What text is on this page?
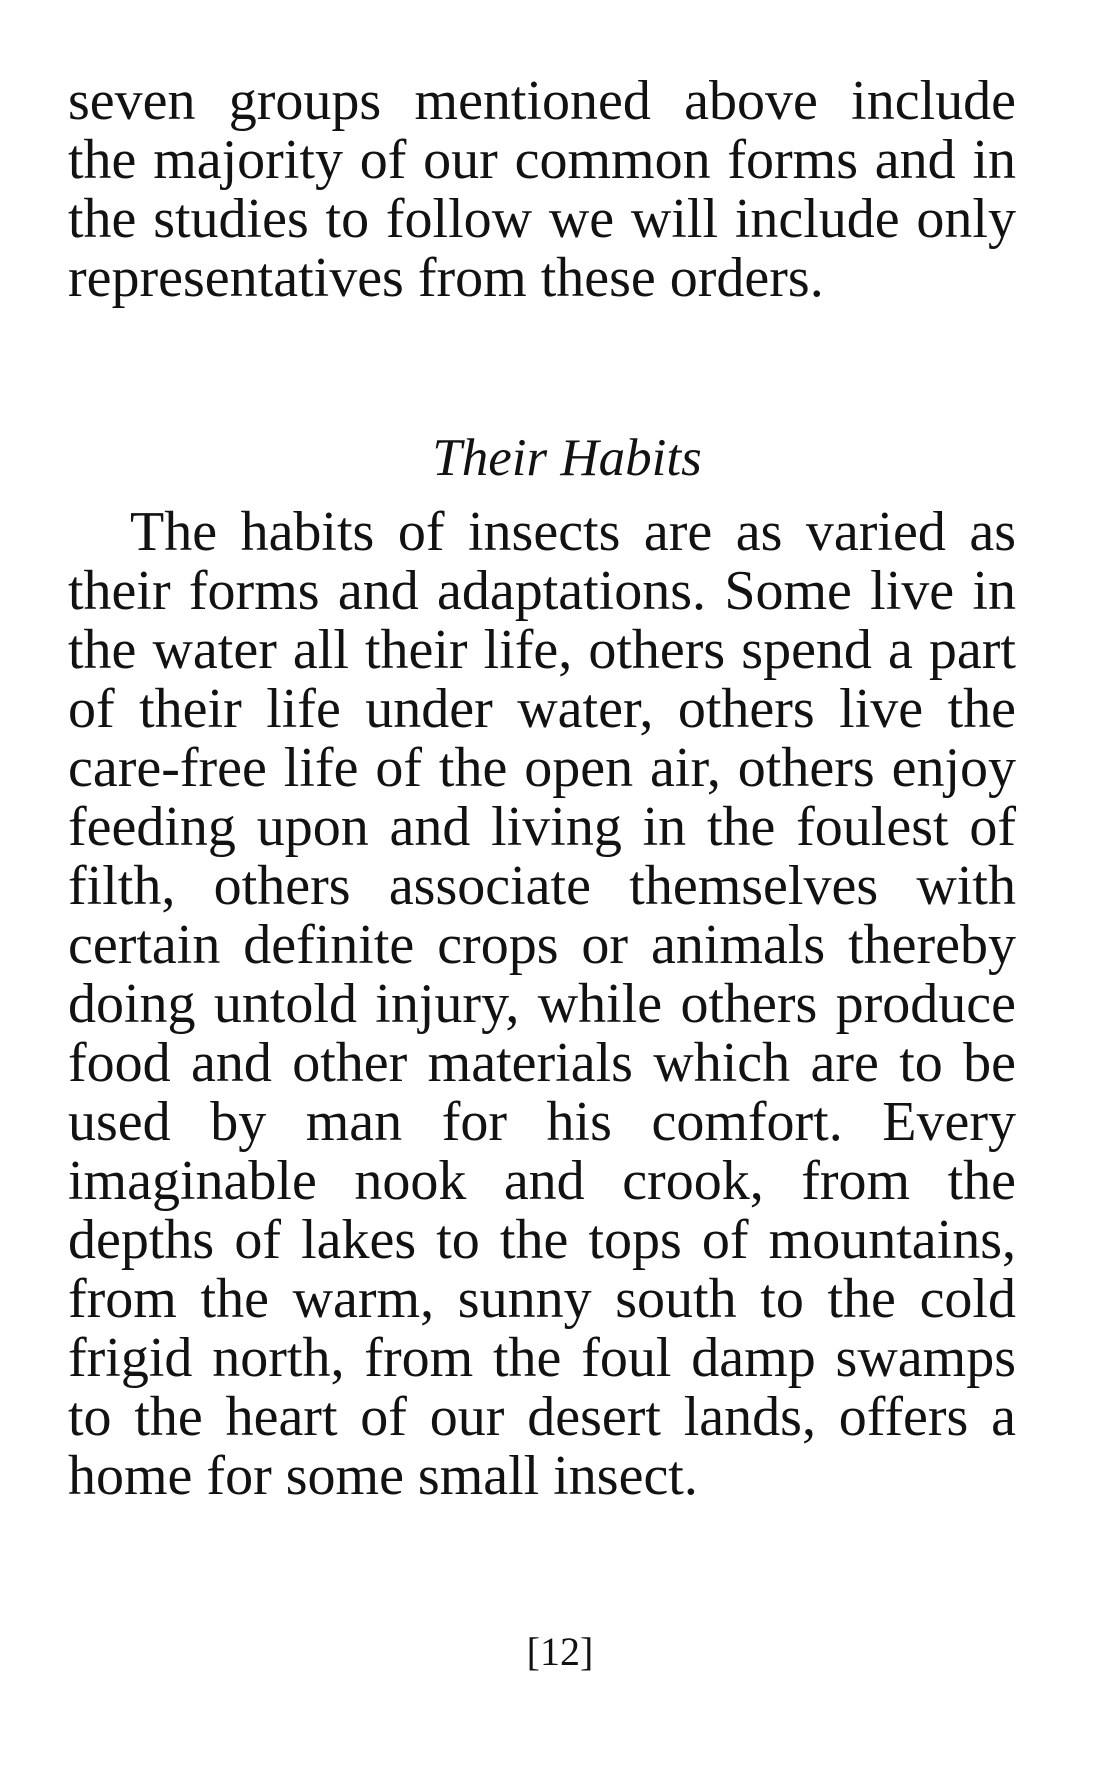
seven groups mentioned above include the majority of our common forms and in the studies to follow we will include only representatives from these orders.

Their Habits

The habits of insects are as varied as their forms and adaptations. Some live in the water all their life, others spend a part of their life under water, others live the care-free life of the open air, others enjoy feeding upon and living in the foulest of filth, others associate themselves with certain definite crops or animals thereby doing untold injury, while others produce food and other materials which are to be used by man for his comfort. Every imaginable nook and crook, from the depths of lakes to the tops of mountains, from the warm, sunny south to the cold frigid north, from the foul damp swamps to the heart of our desert lands, offers a home for some small insect.

[12]
